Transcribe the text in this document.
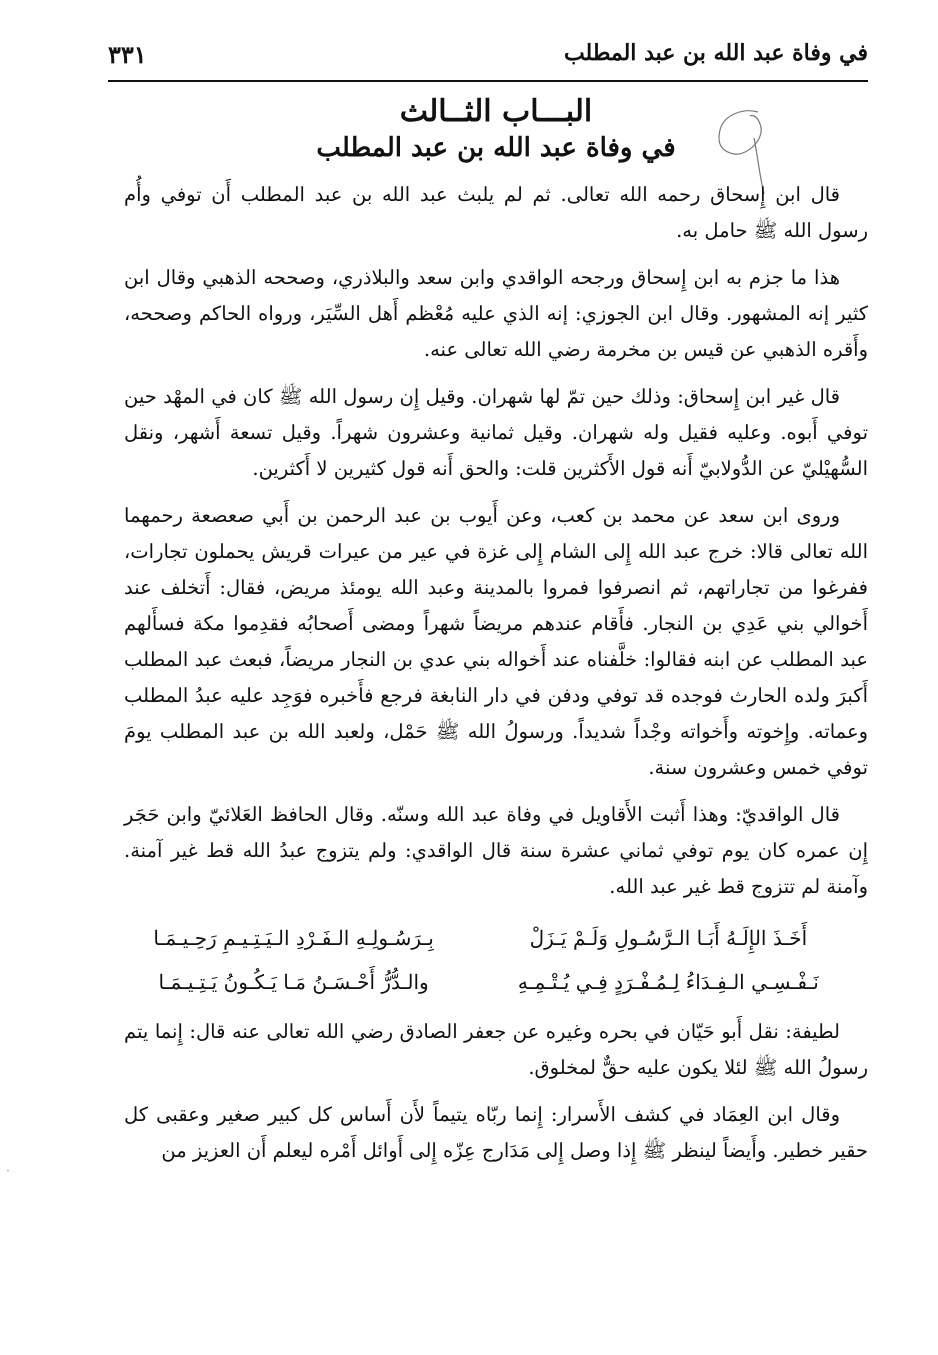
في وفاة عبد الله بن عبد المطلب
٣٣١
البـــاب الثــالث
في وفاة عبد الله بن عبد المطلب

قال ابن إِسحاق رحمه الله تعالى. ثم لم يلبث عبد الله بن عبد المطلب أَن توفي وأُم رسول الله ﷺ حامل به.

هذا ما جزم به ابن إِسحاق ورجحه الواقدي وابن سعد والبلاذري، وصححه الذهبي وقال ابن كثير إنه المشهور. وقال ابن الجوزي: إنه الذي عليه مُعْظم أَهل السِّيَر، ورواه الحاكم وصححه، وأَقره الذهبي عن قيس بن مخرمة رضي الله تعالى عنه.

قال غير ابن إِسحاق: وذلك حين تمّ لها شهران. وقيل إِن رسول الله ﷺ كان في المهْد حين توفي أَبوه. وعليه فقيل وله شهران. وقيل ثمانية وعشرون شهراً. وقيل تسعة أَشهر، ونقل السُّهيْليّ عن الدُّولابيّ أَنه قول الأَكثرين قلت: والحق أَنه قول كثيرين لا أَكثرين.

وروى ابن سعد عن محمد بن كعب، وعن أَيوب بن عبد الرحمن بن أَبي صعصعة رحمهما الله تعالى قالا: خرج عبد الله إِلى الشام إِلى غزة في عير من عيرات قريش يحملون تجارات، ففرغوا من تجاراتهم، ثم انصرفوا فمروا بالمدينة وعبد الله يومئذ مريض، فقال: أَتخلف عند أَخوالي بني عَدِي بن النجار. فأَقام عندهم مريضاً شهراً ومضى أَصحابُه فقدِموا مكة فسأَلهم عبد المطلب عن ابنه فقالوا: خلَّفناه عند أَخواله بني عدي بن النجار مريضاً، فبعث عبد المطلب أَكبرَ ولده الحارث فوجده قد توفي ودفن في دار النابغة فرجع فأَخبره فوَجِد عليه عبدُ المطلب وعماته. وإِخوته وأَخواته وجْداً شديداً. ورسولُ الله ﷺ حَمْل، ولعبد الله بن عبد المطلب يومَ توفي خمس وعشرون سنة.

قال الواقديّ: وهذا أَثبت الأَقاويل في وفاة عبد الله وسنّه. وقال الحافظ العَلائيّ وابن حَجَر إِن عمره كان يوم توفي ثماني عشرة سنة قال الواقدي: ولم يتزوج عبدُ الله قط غير آمنة. وآمنة لم تتزوج قط غير عبد الله.

أَخَـذَ الإِلَـهُ أَبَـا الـرَّسُـولِ وَلَـمْ يَـزَلْ
بِـرَسُـولِـهِ الـفَـرْدِ الـيَـتِـيـمِ رَحِـيـمَـا
نَـفْـسِـي الـفِـدَاءُ لِـمُـفْـرَدٍ فِـي يُـتْـمِـهِ
والـدُّرُّ أَحْـسَـنُ مَـا يَـكُـونُ يَـتِـيـمَـا

لطيفة: نقل أَبو حَيّان في بحره وغيره عن جعفر الصادق رضي الله تعالى عنه قال: إِنما يتم رسولُ الله ﷺ لئلا يكون عليه حقٌّ لمخلوق.

وقال ابن العِمَاد في كشف الأَسرار: إِنما ربّاه يتيماً لأَن أَساس كل كبير صغير وعقبى كل حقير خطير. وأَيضاً لينظر ﷺ إِذا وصل إِلى مَدَارج عِزّه إِلى أَوائل أَمْره ليعلم أَن العزيز من

·
